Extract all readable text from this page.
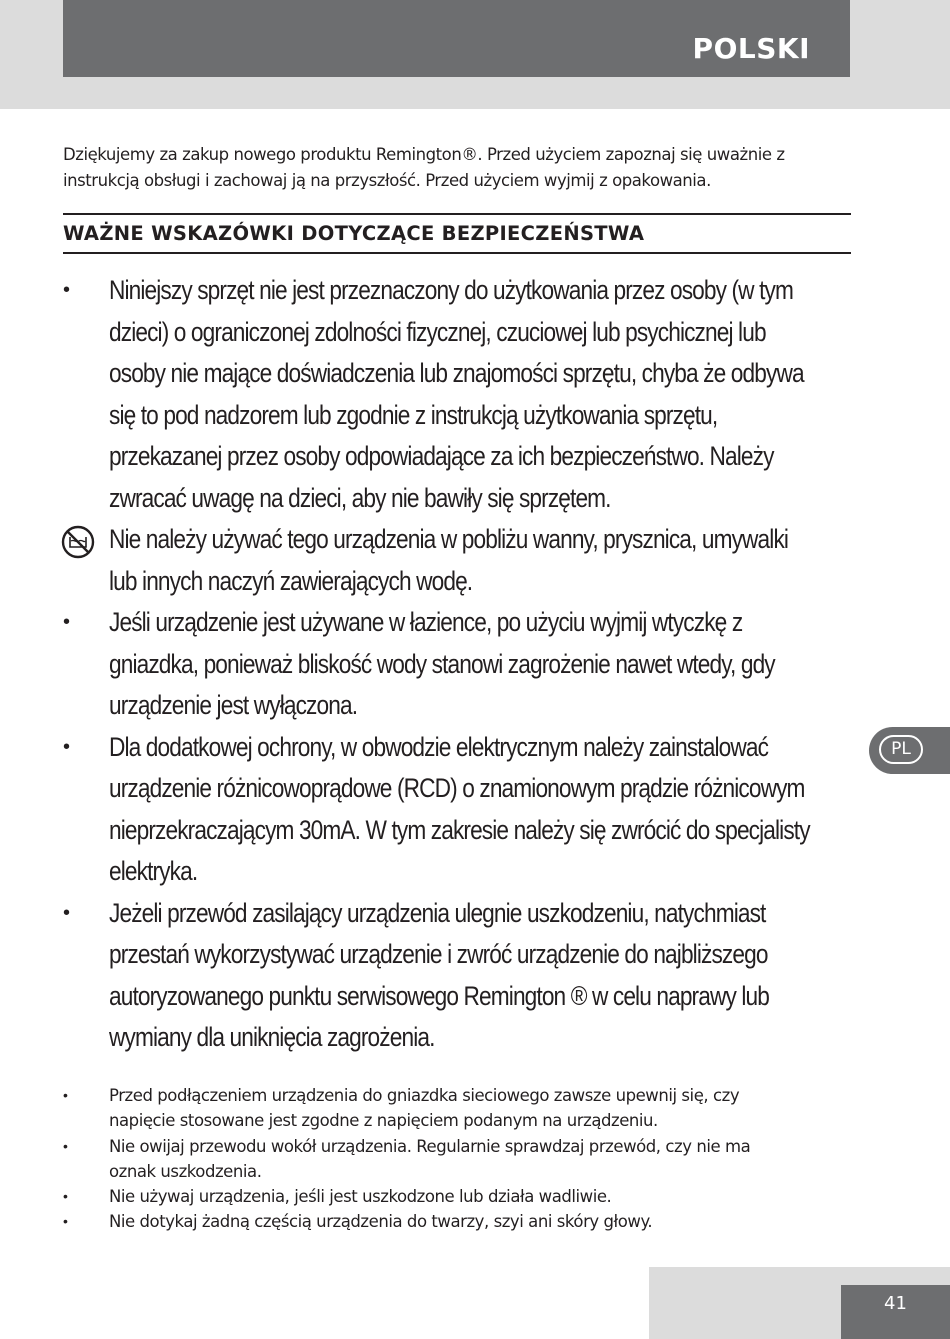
POLSKI

Dziękujemy za zakup nowego produktu Remington®. Przed użyciem zapoznaj się uważnie z

instrukcją obsługi i zachowaj ją na przyszłość. Przed użyciem wyjmij z opakowania.

WAŻNE WSKAZÓWKI DOTYCZĄCE BEZPIECZEŃSTWA
• Niniejszy sprzęt nie jest przeznaczony do użytkowania przez osoby (w tym
dzieci) o ograniczonej zdolności fizycznej, czuciowej lub psychicznej lub
osoby nie mające doświadczenia lub znajomości sprzętu, chyba że odbywa
się to pod nadzorem lub zgodnie z instrukcją użytkowania sprzętu,
przekazanej przez osoby odpowiadające za ich bezpieczeństwo. Należy
zwracać uwagę na dzieci, aby nie bawiły się sprzętem.
Nie należy używać tego urządzenia w pobliżu wanny, prysznica, umywalki
lub innych naczyń zawierających wodę.
• Jeśli urządzenie jest używane w łazience, po użyciu wyjmij wtyczkę z
gniazdka, ponieważ bliskość wody stanowi zagrożenie nawet wtedy, gdy
urządzenie jest wyłączona.
• Dla dodatkowej ochrony, w obwodzie elektrycznym należy zainstalować
urządzenie różnicowoprądowe (RCD) o znamionowym prądzie różnicowym
nieprzekraczającym 30mA. W tym zakresie należy się zwrócić do specjalisty
elektryka.
• Jeżeli przewód zasilający urządzenia ulegnie uszkodzeniu, natychmiast
przestań wykorzystywać urządzenie i zwróć urządzenie do najbliższego
autoryzowanego punktu serwisowego Remington ® w celu naprawy lub
wymiany dla uniknięcia zagrożenia.
• Przed podłączeniem urządzenia do gniazdka sieciowego zawsze upewnij się, czy
napięcie stosowane jest zgodne z napięciem podanym na urządzeniu.
• Nie owijaj przewodu wokół urządzenia. Regularnie sprawdzaj przewód, czy nie ma
oznak uszkodzenia.
• Nie używaj urządzenia, jeśli jest uszkodzone lub działa wadliwie.
• Nie dotykaj żadną częścią urządzenia do twarzy, szyi ani skóry głowy.
PL
41
